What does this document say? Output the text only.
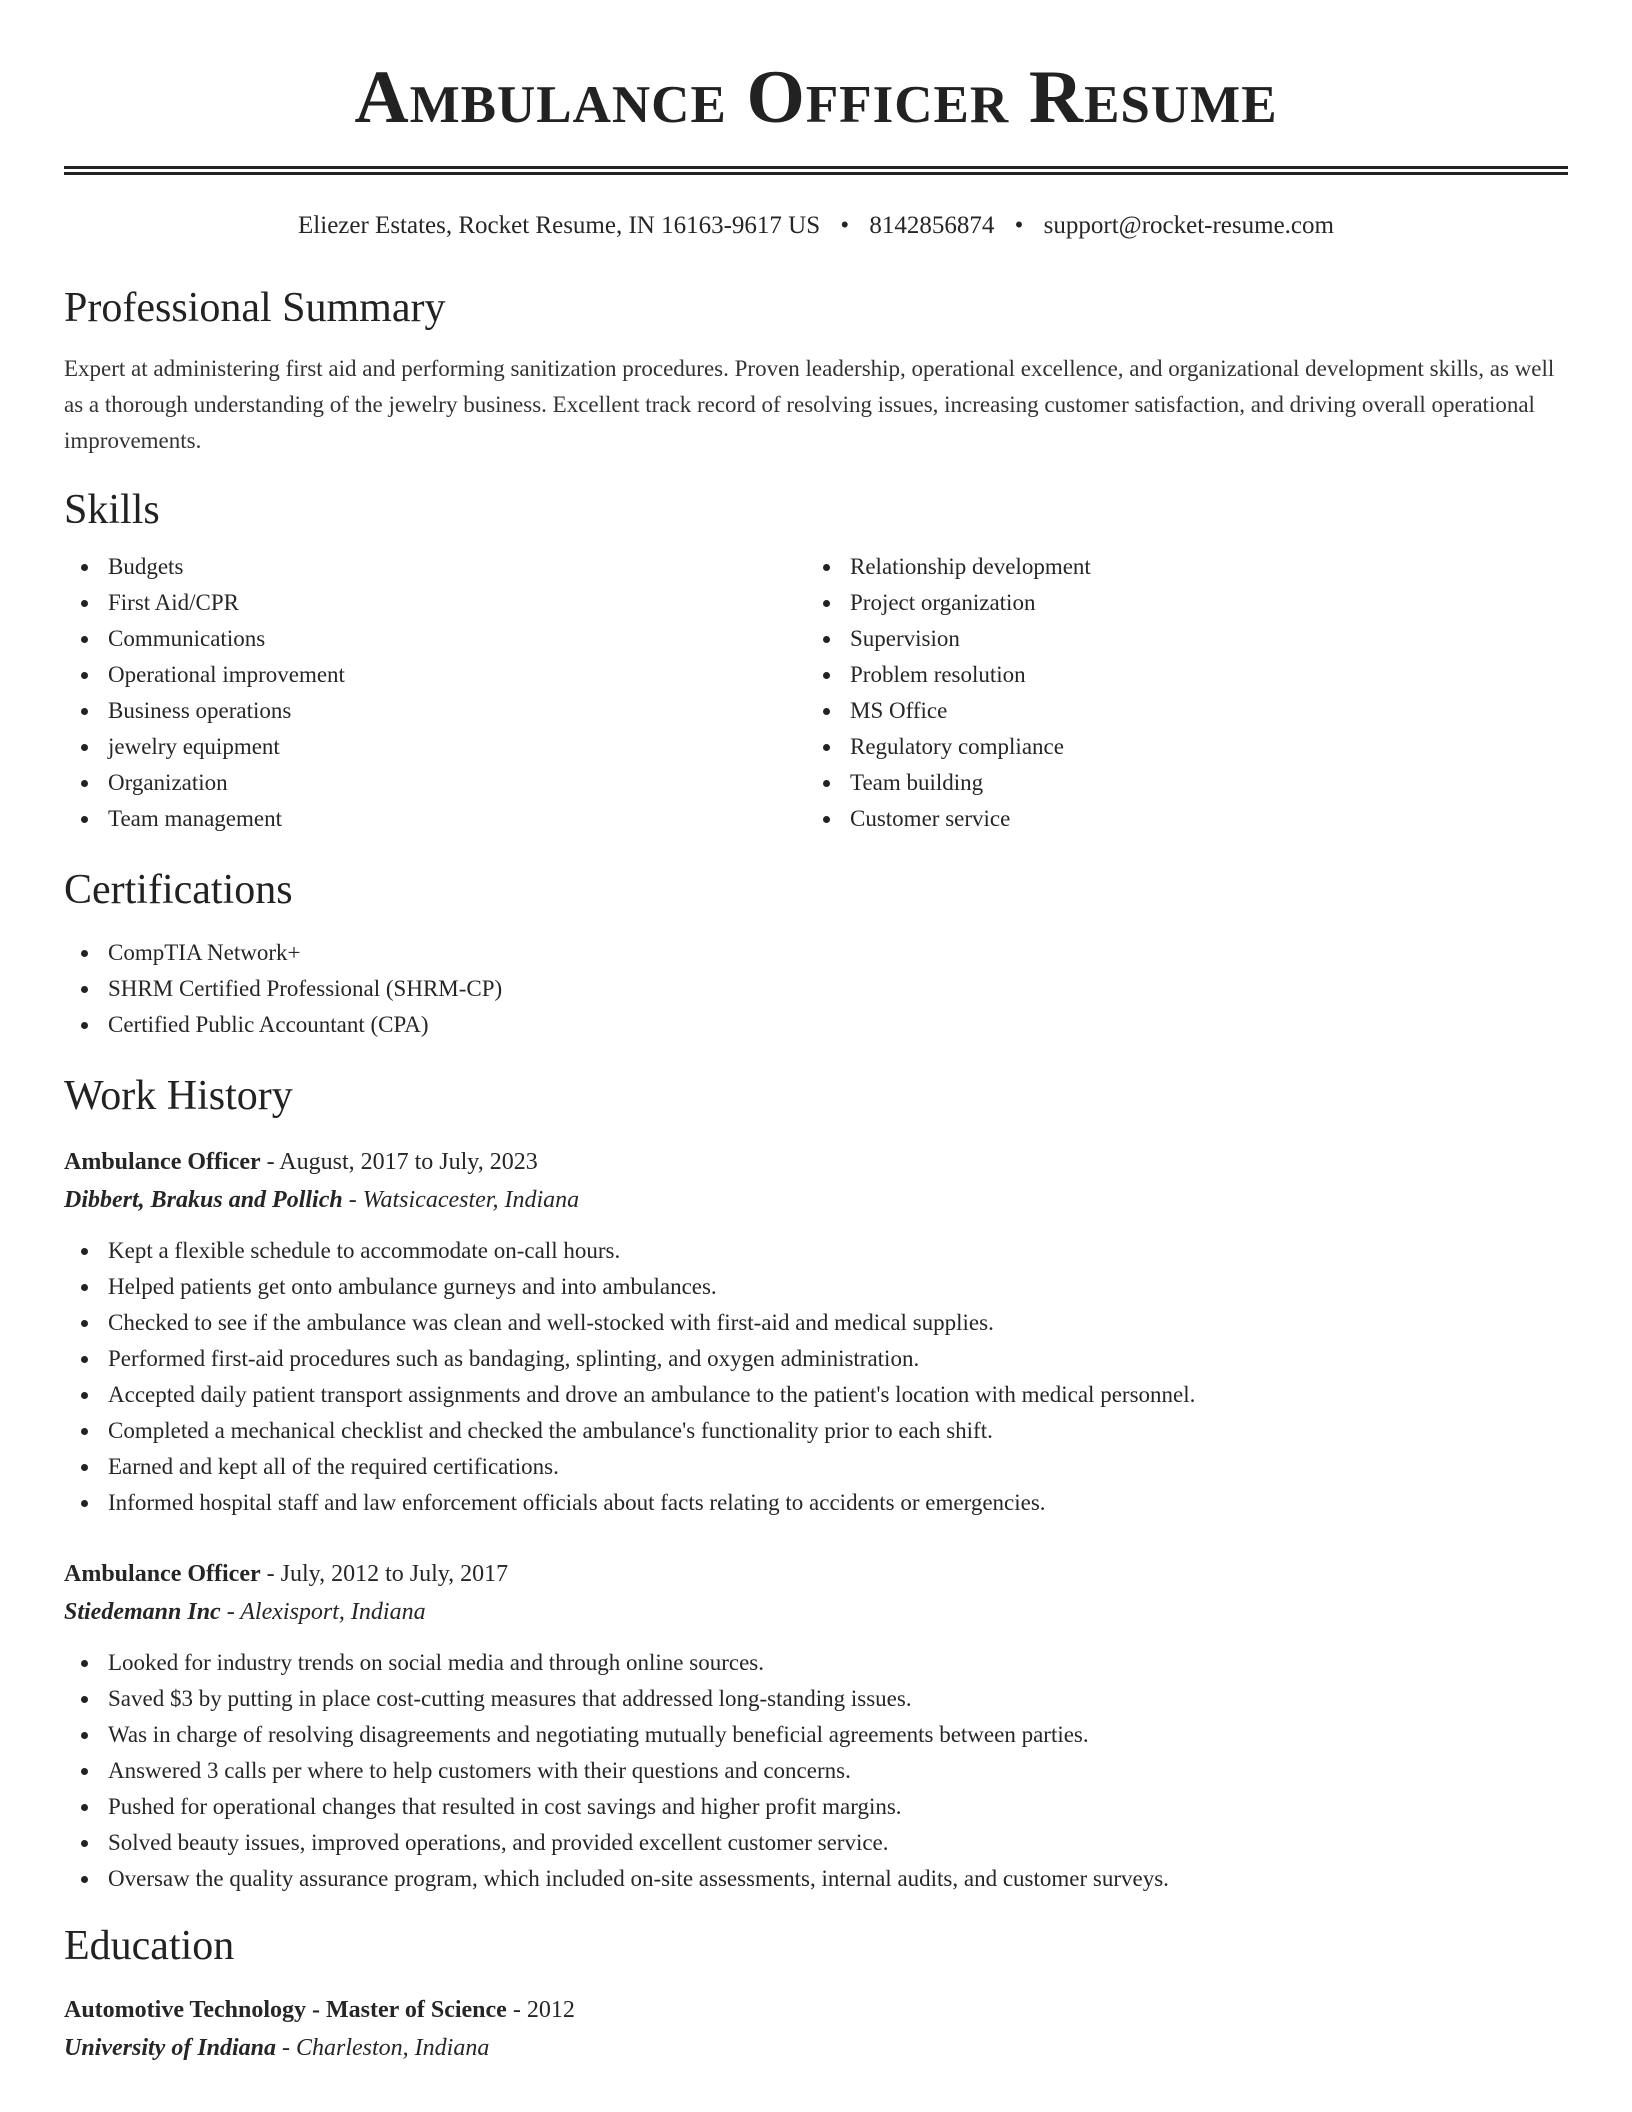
Ambulance Officer Resume
Eliezer Estates, Rocket Resume, IN 16163-9617 US • 8142856874 • support@rocket-resume.com
Professional Summary

Expert at administering first aid and performing sanitization procedures. Proven leadership, operational excellence, and organizational development skills, as well as a thorough understanding of the jewelry business. Excellent track record of resolving issues, increasing customer satisfaction, and driving overall operational improvements.

Skills
Budgets
First Aid/CPR
Communications
Operational improvement
Business operations
jewelry equipment
Organization
Team management
Relationship development
Project organization
Supervision
Problem resolution
MS Office
Regulatory compliance
Team building
Customer service
Certifications
CompTIA Network+
SHRM Certified Professional (SHRM-CP)
Certified Public Accountant (CPA)
Work History
Ambulance Officer - August, 2017 to July, 2023
Dibbert, Brakus and Pollich - Watsicacester, Indiana
Kept a flexible schedule to accommodate on-call hours.
Helped patients get onto ambulance gurneys and into ambulances.
Checked to see if the ambulance was clean and well-stocked with first-aid and medical supplies.
Performed first-aid procedures such as bandaging, splinting, and oxygen administration.
Accepted daily patient transport assignments and drove an ambulance to the patient's location with medical personnel.
Completed a mechanical checklist and checked the ambulance's functionality prior to each shift.
Earned and kept all of the required certifications.
Informed hospital staff and law enforcement officials about facts relating to accidents or emergencies.
Ambulance Officer - July, 2012 to July, 2017
Stiedemann Inc - Alexisport, Indiana
Looked for industry trends on social media and through online sources.
Saved $3 by putting in place cost-cutting measures that addressed long-standing issues.
Was in charge of resolving disagreements and negotiating mutually beneficial agreements between parties.
Answered 3 calls per where to help customers with their questions and concerns.
Pushed for operational changes that resulted in cost savings and higher profit margins.
Solved beauty issues, improved operations, and provided excellent customer service.
Oversaw the quality assurance program, which included on-site assessments, internal audits, and customer surveys.
Education
Automotive Technology - Master of Science - 2012
University of Indiana - Charleston, Indiana
